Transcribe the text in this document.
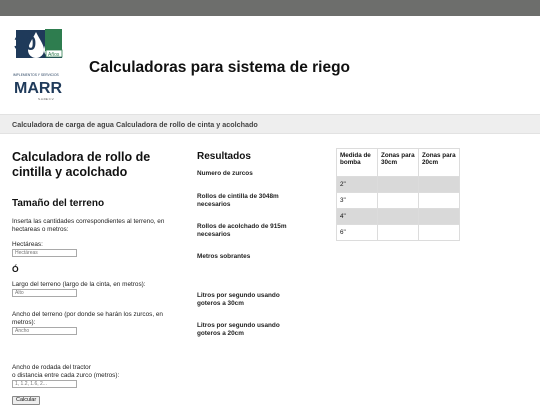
30 Años
IMPLEMENTOS Y SERVICIOS
MARR
S.A.DE C.V.
Calculadoras para sistema de riego
Calculadora de carga de agua Calculadora de rollo de cinta y acolchado
Calculadora de rollo de cintilla y acolchado
Tamaño del terreno
Inserta las cantidades correspondientes al terreno, en hectareas o metros:
Hectáreas:
Hectáreas
Ó
Largo del terreno (largo de la cinta, en metros):
Alto
Ancho del terreno (por donde se harán los zurcos, en metros):
Ancho
Ancho de rodada del tractor
o distancia entre cada zurco (metros):
1, 1.2, 1.6, 2...
Calcular
Resultados
Numero de zurcos
Rollos de cintilla de 3048m necesarios
Rollos de acolchado de 915m necesarios
Metros sobrantes
Litros por segundo usando goteros a 30cm
Litros por segundo usando goteros a 20cm
Medida de bomba	Zonas para 30cm	Zonas para 20cm
2"		
3"		
4"		
6"		
